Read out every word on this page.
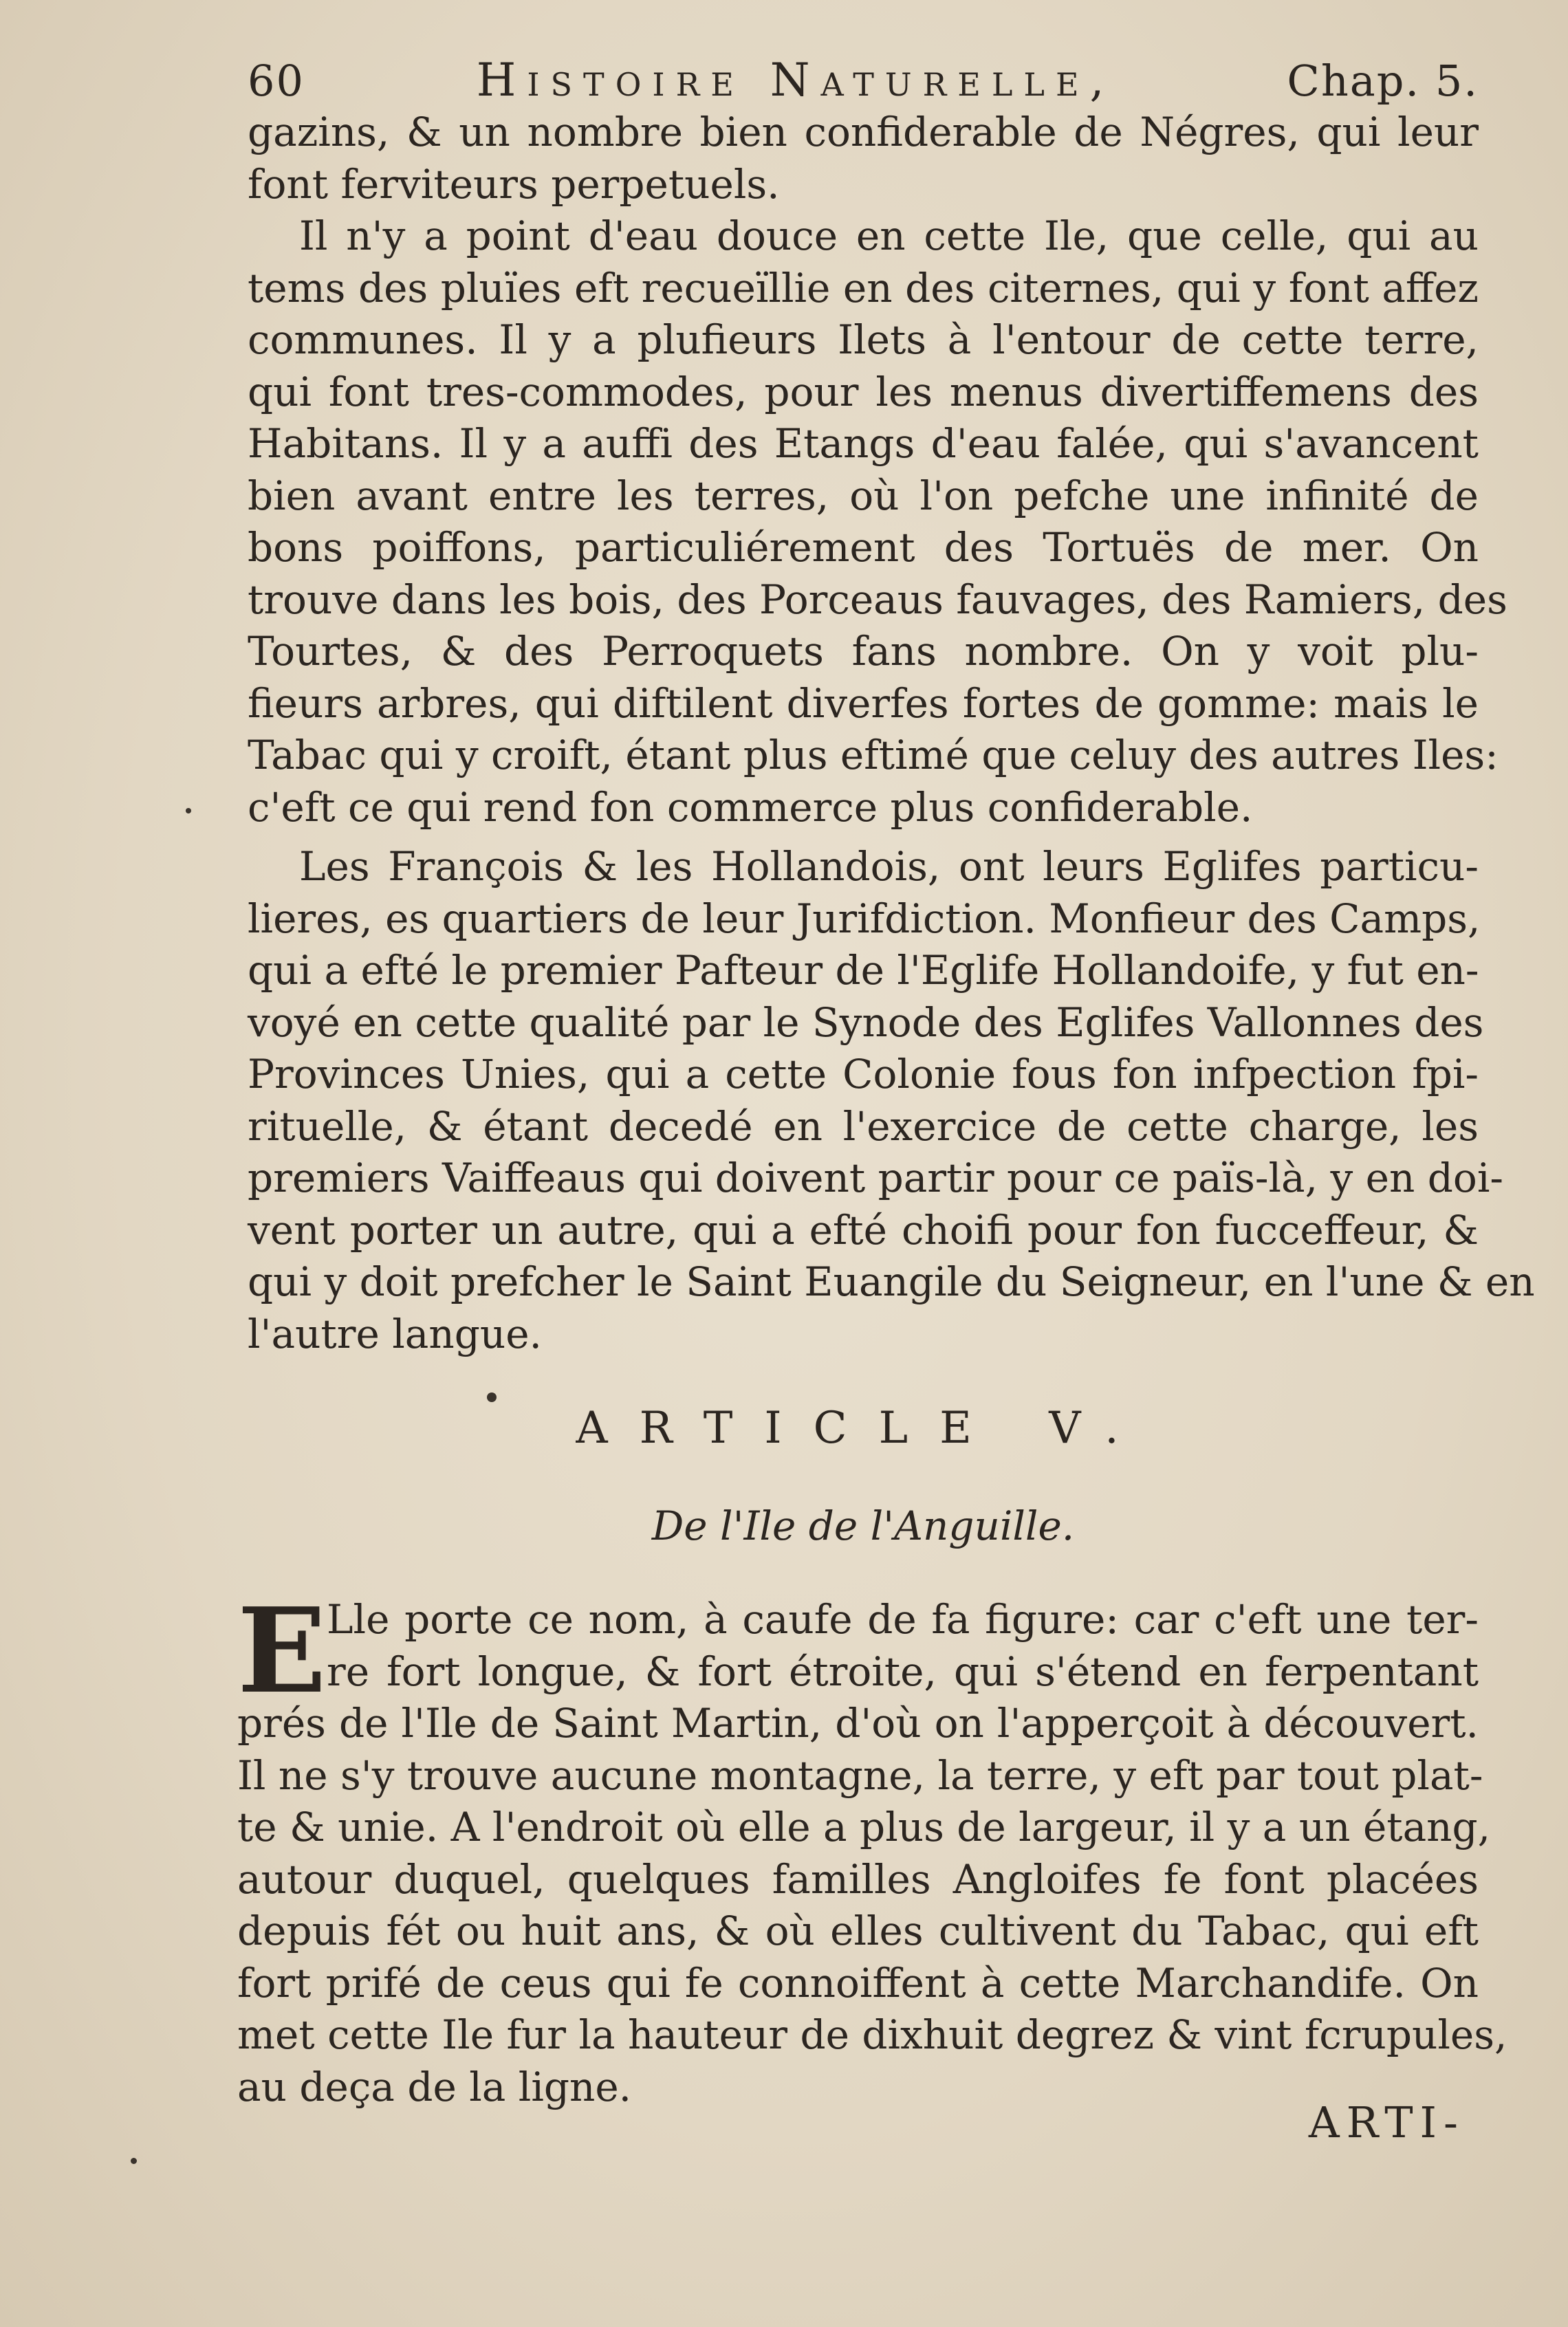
60	Histoire Naturelle,	Chap. 5.
gazins, & un nombre bien confiderable de Négres, qui leur
font ferviteurs perpetuels.
Il n'y a point d'eau douce en cette Ile, que celle, qui au
tems des pluïes eft recueïllie en des citernes, qui y font affez
communes. Il y a plufieurs Ilets à l'entour de cette terre,
qui font tres-commodes, pour les menus divertiffemens des
Habitans. Il y a auffi des Etangs d'eau falée, qui s'avancent
bien avant entre les terres, où l'on pefche une infinité de
bons poiffons, particuliérement des Tortuës de mer. On
trouve dans les bois, des Porceaus fauvages, des Ramiers, des
Tourtes, & des Perroquets fans nombre. On y voit plu-
fieurs arbres, qui diftilent diverfes fortes de gomme: mais le
Tabac qui y croift, étant plus eftimé que celuy des autres Iles:
c'eft ce qui rend fon commerce plus confiderable.
Les François & les Hollandois, ont leurs Eglifes particu-
lieres, es quartiers de leur Jurifdiction. Monfieur des Camps,
qui a efté le premier Pafteur de l'Eglife Hollandoife, y fut en-
voyé en cette qualité par le Synode des Eglifes Vallonnes des
Provinces Unies, qui a cette Colonie fous fon infpection fpi-
rituelle, & étant decedé en l'exercice de cette charge, les
premiers Vaiffeaus qui doivent partir pour ce païs-là, y en doi-
vent porter un autre, qui a efté choifi pour fon fucceffeur, &
qui y doit prefcher le Saint Euangile du Seigneur, en l'une & en
l'autre langue.
ARTICLE V.
De l'Ile de l'Anguille.
E Lle porte ce nom, à caufe de fa figure: car c'eft une ter-
re fort longue, & fort étroite, qui s'étend en ferpentant
prés de l'Ile de Saint Martin, d'où on l'apperçoit à découvert.
Il ne s'y trouve aucune montagne, la terre, y eft par tout plat-
te & unie. A l'endroit où elle a plus de largeur, il y a un étang,
autour duquel, quelques familles Angloifes fe font placées
depuis fét ou huit ans, & où elles cultivent du Tabac, qui eft
fort prifé de ceus qui fe connoiffent à cette Marchandife. On
met cette Ile fur la hauteur de dixhuit degrez & vint fcrupules,
au deça de la ligne.
ARTI-
